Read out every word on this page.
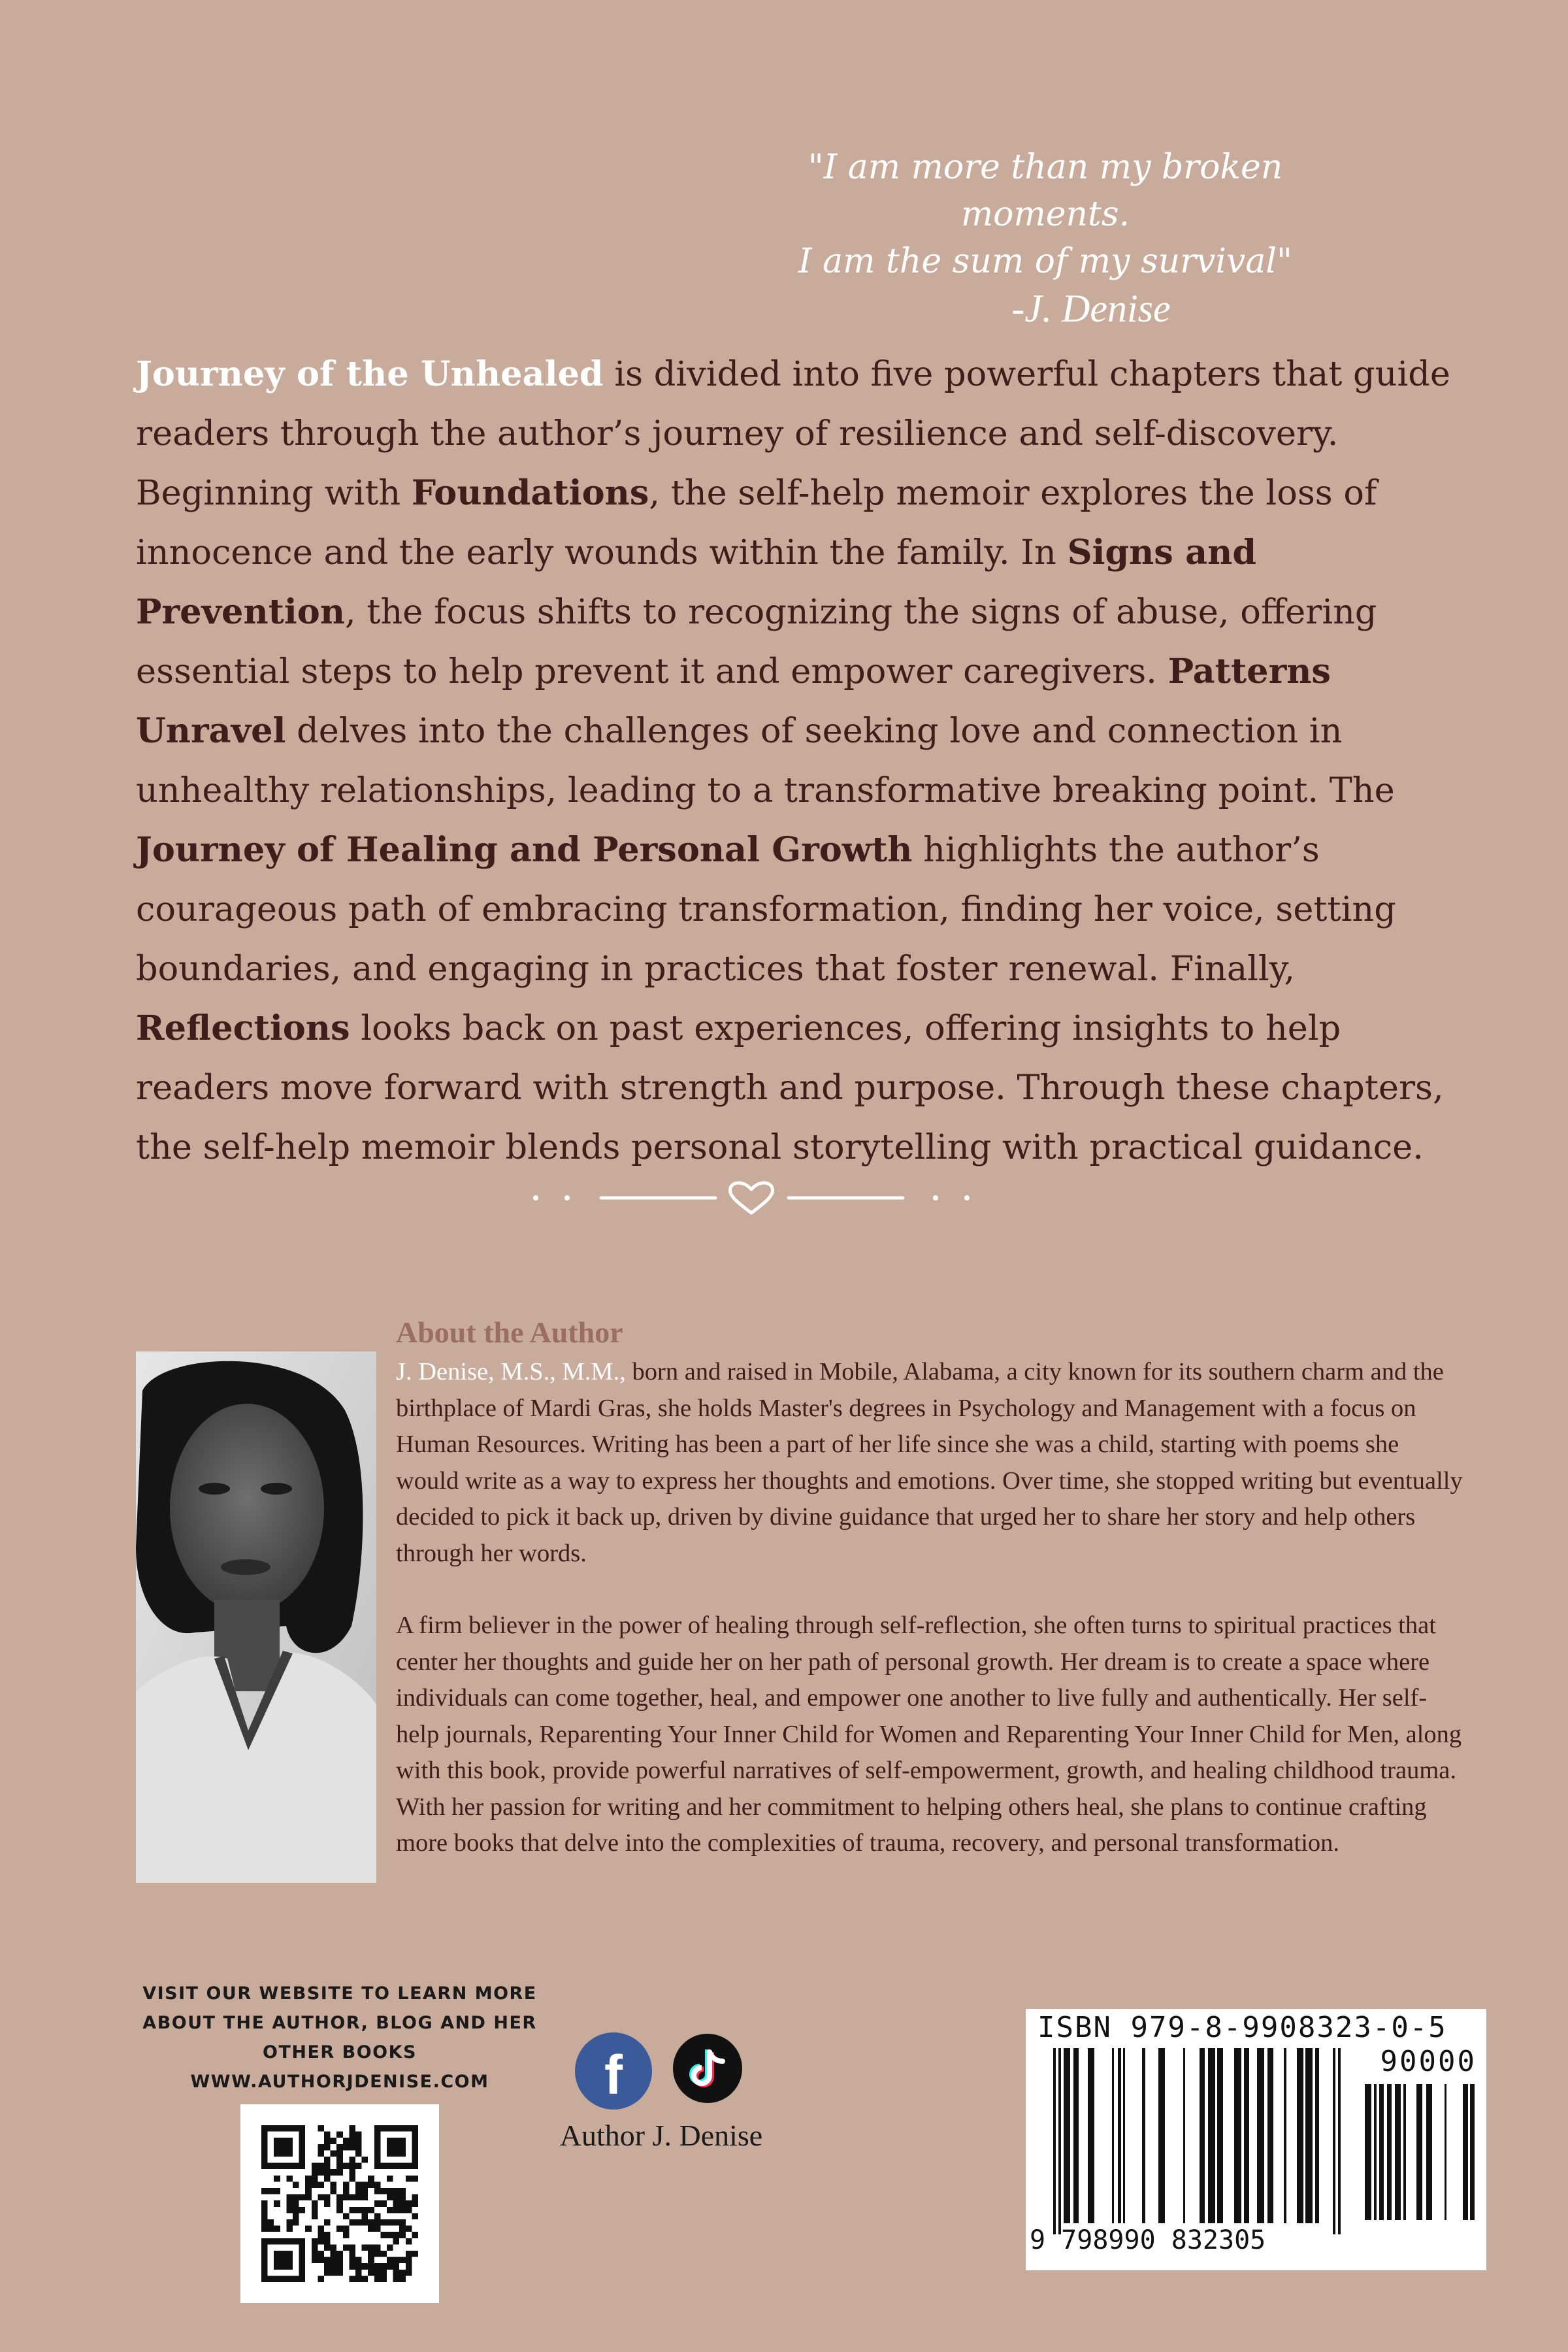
"I am more than my broken moments.
I am the sum of my survival"

-J. Denise
Journey of the Unhealed is divided into five powerful chapters that guide readers through the author’s journey of resilience and self-discovery. Beginning with Foundations, the self-help memoir explores the loss of innocence and the early wounds within the family. In Signs and Prevention, the focus shifts to recognizing the signs of abuse, offering essential steps to help prevent it and empower caregivers. Patterns Unravel delves into the challenges of seeking love and connection in unhealthy relationships, leading to a transformative breaking point. The Journey of Healing and Personal Growth highlights the author’s courageous path of embracing transformation, finding her voice, setting boundaries, and engaging in practices that foster renewal. Finally, Reflections looks back on past experiences, offering insights to help readers move forward with strength and purpose. Through these chapters, the self-help memoir blends personal storytelling with practical guidance.
About the Author

J. Denise, M.S., M.M., born and raised in Mobile, Alabama, a city known for its southern charm and the birthplace of Mardi Gras, she holds Master's degrees in Psychology and Management with a focus on Human Resources. Writing has been a part of her life since she was a child, starting with poems she would write as a way to express her thoughts and emotions. Over time, she stopped writing but eventually decided to pick it back up, driven by divine guidance that urged her to share her story and help others through her words.

A firm believer in the power of healing through self-reflection, she often turns to spiritual practices that center her thoughts and guide her on her path of personal growth. Her dream is to create a space where individuals can come together, heal, and empower one another to live fully and authentically. Her self-help journals, Reparenting Your Inner Child for Women and Reparenting Your Inner Child for Men, along with this book, provide powerful narratives of self-empowerment, growth, and healing childhood trauma. With her passion for writing and her commitment to helping others heal, she plans to continue crafting more books that delve into the complexities of trauma, recovery, and personal transformation.

VISIT OUR WEBSITE TO LEARN MORE
ABOUT THE AUTHOR, BLOG AND HER
OTHER BOOKS
WWW.AUTHORJDENISE.COM	f
Author J. Denise
ISBN 979-8-9908323-0-5
90000
9 798990 832305
